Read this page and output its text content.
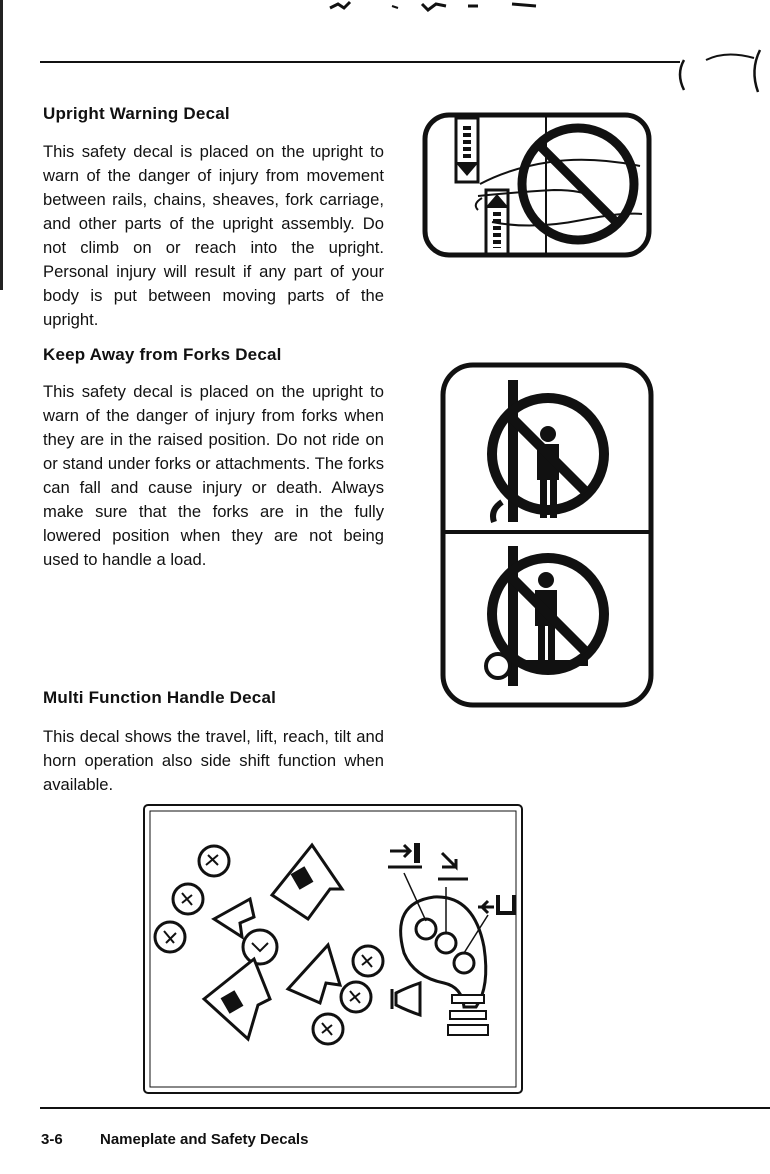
Upright Warning Decal
This safety decal is placed on the upright to warn of the danger of injury from movement between rails, chains, sheaves, fork carriage, and other parts of the upright assembly. Do not climb on or reach into the upright. Personal injury will result if any part of your body is put between moving parts of the upright.
Keep Away from Forks Decal
This safety decal is placed on the upright to warn of the danger of injury from forks when they are in the raised position. Do not ride on or stand under forks or attachments. The forks can fall and cause injury or death. Always make sure that the forks are in the fully lowered position when they are not being used to handle a load.
Multi Function Handle Decal
This decal shows the travel, lift, reach, tilt and horn operation also side shift function when available.
3-6 Nameplate and Safety Decals
